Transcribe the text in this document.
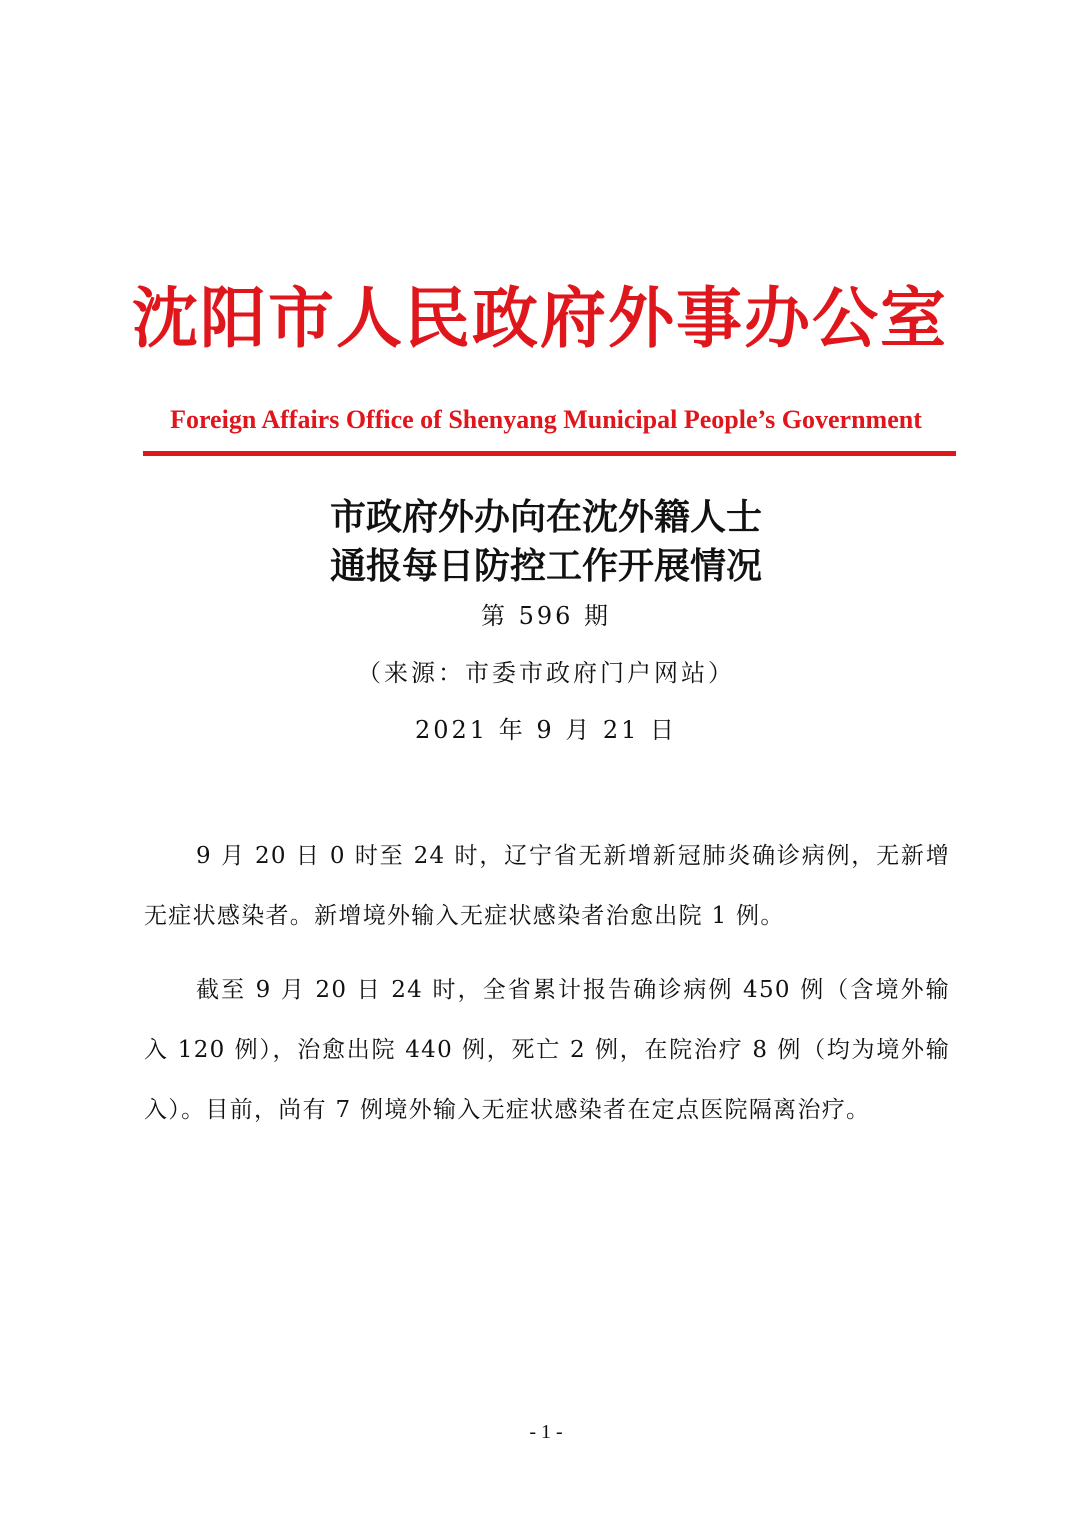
沈阳市人民政府外事办公室
Foreign Affairs Office of Shenyang Municipal People’s Government
市政府外办向在沈外籍人士
通报每日防控工作开展情况
第 596 期
（来源：市委市政府门户网站）
2021 年 9 月 21 日

9 月 20 日 0 时至 24 时，辽宁省无新增新冠肺炎确诊病例，无新增无症状感染者。新增境外输入无症状感染者治愈出院 1 例。

截至 9 月 20 日 24 时，全省累计报告确诊病例 450 例（含境外输入 120 例），治愈出院 440 例，死亡 2 例，在院治疗 8 例（均为境外输入）。目前，尚有 7 例境外输入无症状感染者在定点医院隔离治疗。

- 1 -
